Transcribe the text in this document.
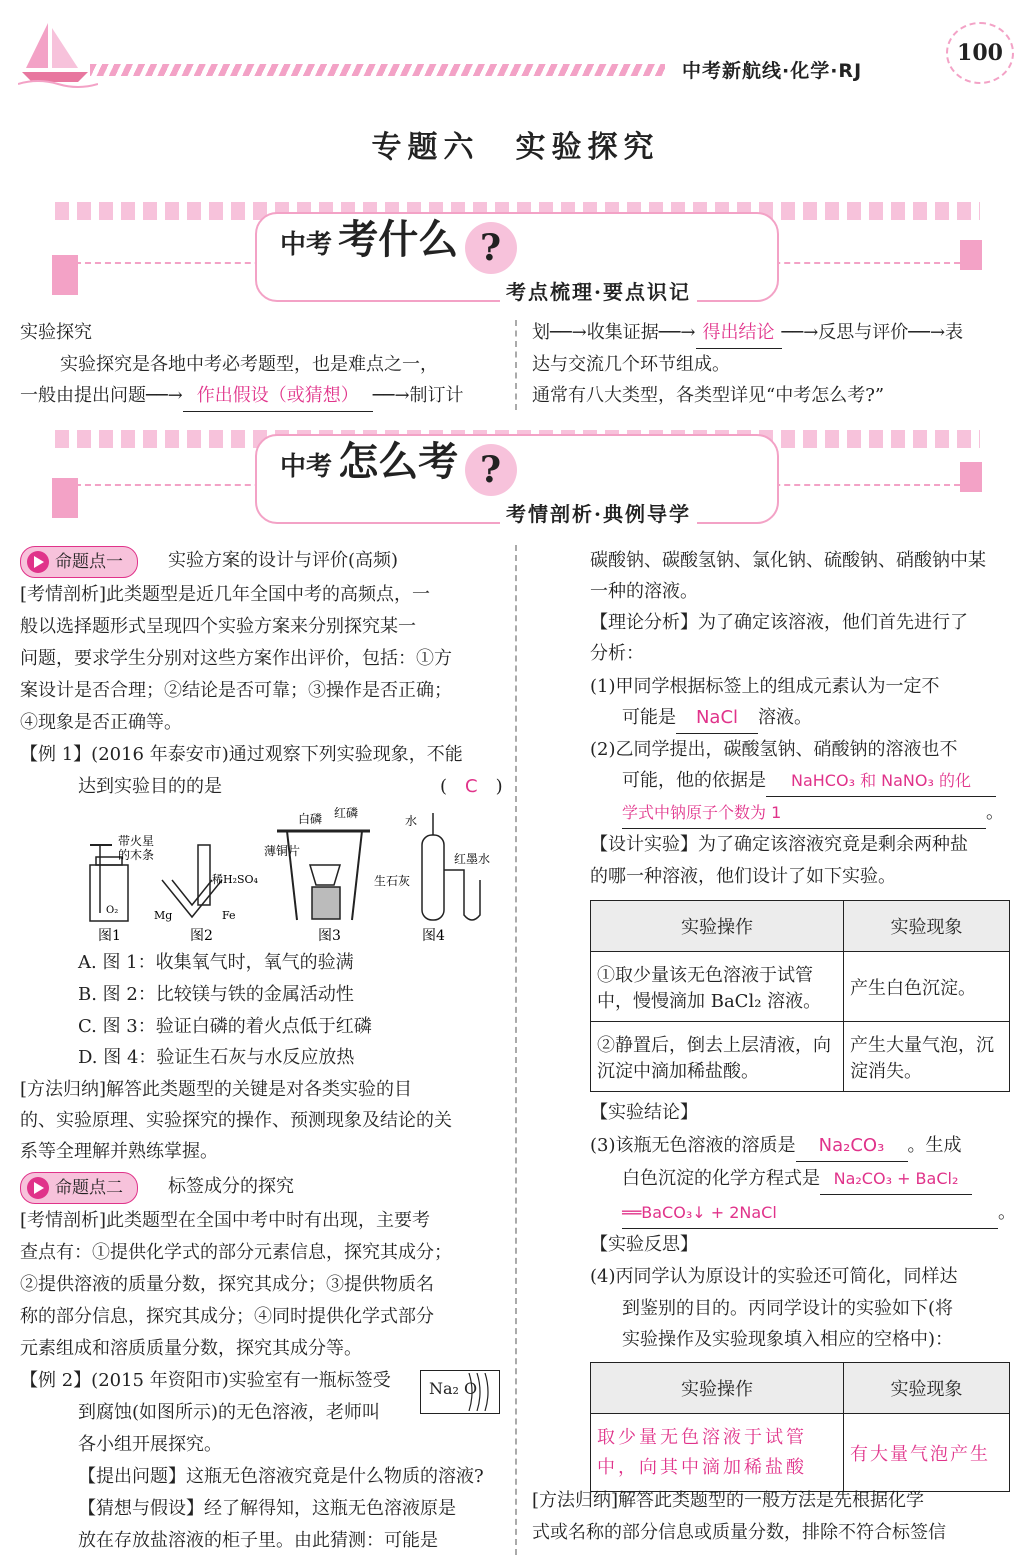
中考新航线·化学·RJ
100
专题六　实验探究
中考 考什么 ?
考点梳理·要点识记
实验探究
实验探究是各地中考必考题型，也是难点之一，
一般由提出问题──→ 作出假设（或猜想） ──→制订计
划──→收集证据──→ 得出结论 ──→反思与评价──→表
达与交流几个环节组成。
通常有八大类型，各类型详见“中考怎么考?”
中考 怎么考 ?
考情剖析·典例导学
命题点一	实验方案的设计与评价(高频)
[考情剖析]此类题型是近几年全国中考的高频点，一
般以选择题形式呈现四个实验方案来分别探究某一
问题，要求学生分别对这些方案作出评价，包括：①方
案设计是否合理；②结论是否可靠；③操作是否正确；
④现象是否正确等。
【例 1】(2016 年泰安市)通过观察下列实验现象，不能
达到实验目的的是	(　C　)
带火星
的木条
O₂
图1
稀H₂SO₄
Mg	Fe
图2
白磷 红磷
薄铜片
图3
水
红墨水
生石灰
图4
A. 图 1：收集氧气时，氧气的验满
B. 图 2：比较镁与铁的金属活动性
C. 图 3：验证白磷的着火点低于红磷
D. 图 4：验证生石灰与水反应放热
[方法归纳]解答此类题型的关键是对各类实验的目
的、实验原理、实验探究的操作、预测现象及结论的关
系等全理解并熟练掌握。
命题点二	标签成分的探究
[考情剖析]此类题型在全国中考中时有出现，主要考
查点有：①提供化学式的部分元素信息，探究其成分；
②提供溶液的质量分数，探究其成分；③提供物质名
称的部分信息，探究其成分；④同时提供化学式部分
元素组成和溶质质量分数，探究其成分等。
【例 2】(2015 年资阳市)实验室有一瓶标签受
到腐蚀(如图所示)的无色溶液，老师叫
各小组开展探究。
【提出问题】这瓶无色溶液究竟是什么物质的溶液?
【猜想与假设】经了解得知，这瓶无色溶液原是
放在存放盐溶液的柜子里。由此猜测：可能是
Na₂ O
碳酸钠、碳酸氢钠、氯化钠、硫酸钠、硝酸钠中某
一种的溶液。
【理论分析】为了确定该溶液，他们首先进行了
分析：
(1)甲同学根据标签上的组成元素认为一定不
可能是 NaCl 溶液。
(2)乙同学提出，碳酸氢钠、硝酸钠的溶液也不
可能，他的依据是 NaHCO₃ 和 NaNO₃ 的化
学式中钠原子个数为 1	。
【设计实验】为了确定该溶液究竟是剩余两种盐
的哪一种溶液，他们设计了如下实验。
实验操作	实验现象
①取少量该无色溶液于试管中，慢慢滴加 BaCl₂ 溶液。	产生白色沉淀。
②静置后，倒去上层清液，向沉淀中滴加稀盐酸。	产生大量气泡，沉淀消失。
【实验结论】
(3)该瓶无色溶液的溶质是 Na₂CO₃ 。生成
白色沉淀的化学方程式是 Na₂CO₃ + BaCl₂
══BaCO₃↓ + 2NaCl	。
【实验反思】
(4)丙同学认为原设计的实验还可简化，同样达
到鉴别的目的。丙同学设计的实验如下(将
实验操作及实验现象填入相应的空格中)：
实验操作	实验现象
取少量无色溶液于试管
中，向其中滴加稀盐酸	有大量气泡产生
[方法归纳]解答此类题型的一般方法是先根据化学
式或名称的部分信息或质量分数，排除不符合标签信
